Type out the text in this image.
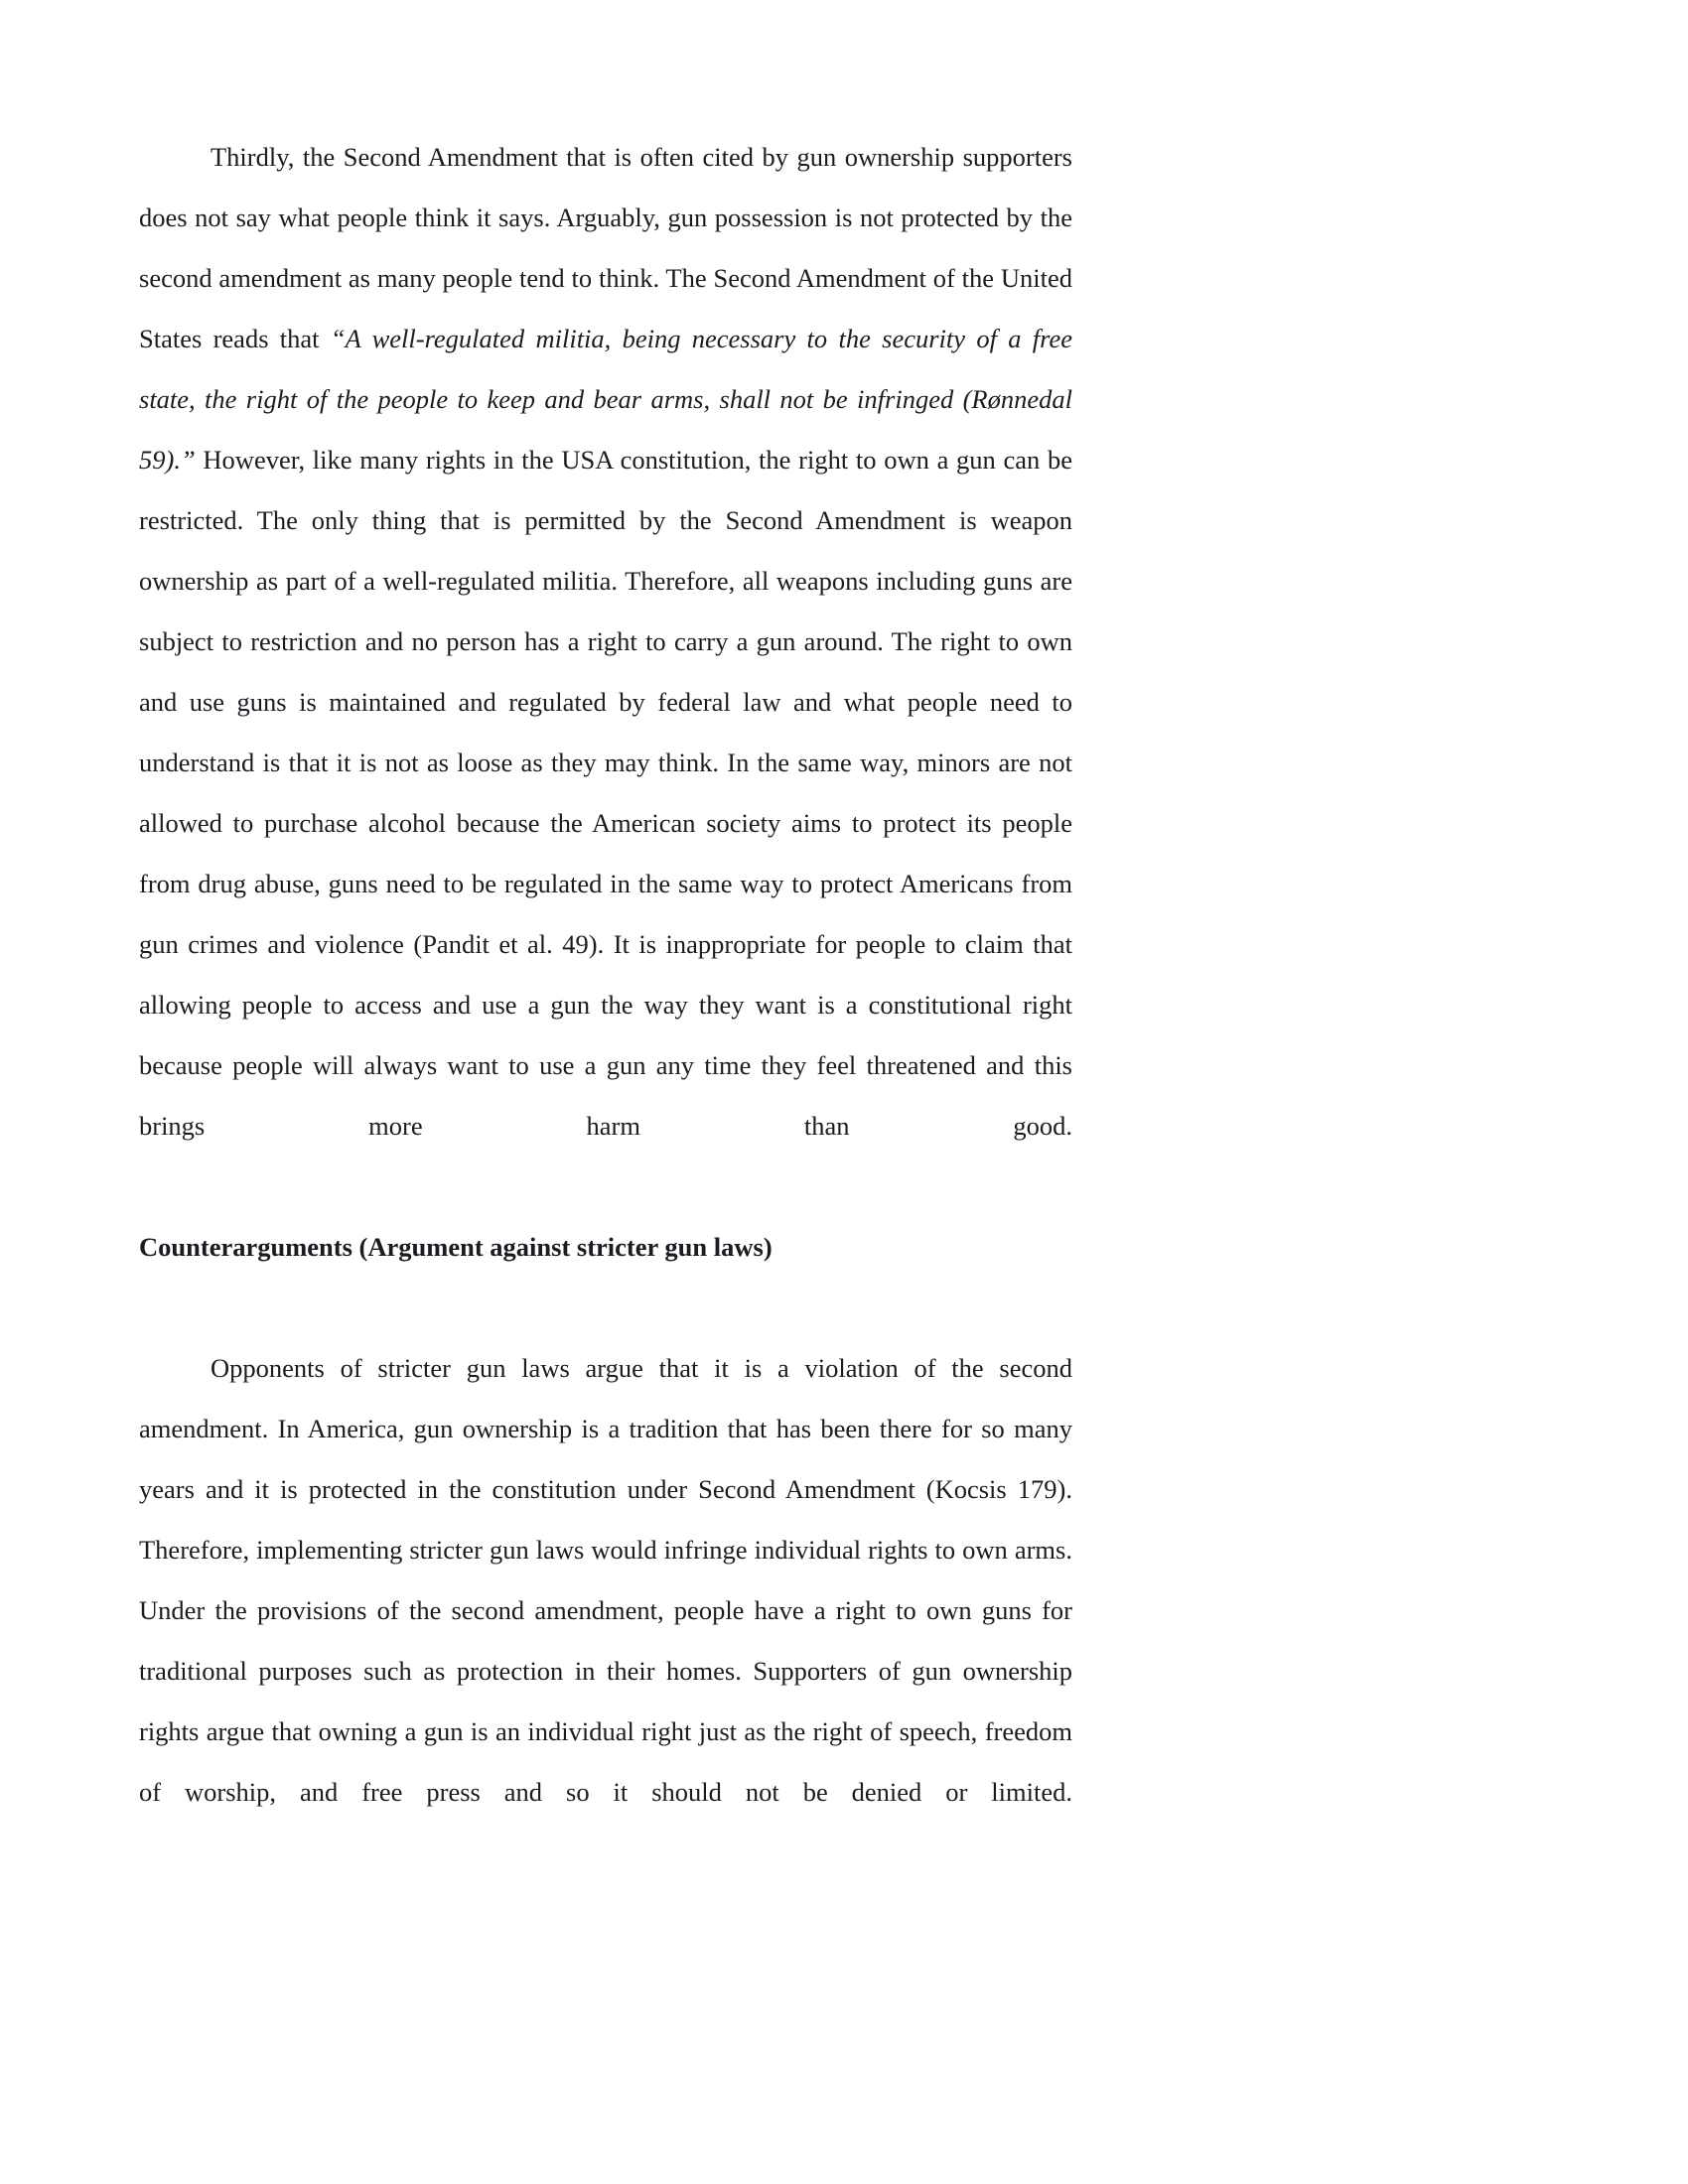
Thirdly, the Second Amendment that is often cited by gun ownership supporters does not say what people think it says. Arguably, gun possession is not protected by the second amendment as many people tend to think. The Second Amendment of the United States reads that “A well-regulated militia, being necessary to the security of a free state, the right of the people to keep and bear arms, shall not be infringed (Rønnedal 59).” However, like many rights in the USA constitution, the right to own a gun can be restricted. The only thing that is permitted by the Second Amendment is weapon ownership as part of a well-regulated militia. Therefore, all weapons including guns are subject to restriction and no person has a right to carry a gun around. The right to own and use guns is maintained and regulated by federal law and what people need to understand is that it is not as loose as they may think. In the same way, minors are not allowed to purchase alcohol because the American society aims to protect its people from drug abuse, guns need to be regulated in the same way to protect Americans from gun crimes and violence (Pandit et al. 49). It is inappropriate for people to claim that allowing people to access and use a gun the way they want is a constitutional right because people will always want to use a gun any time they feel threatened and this brings more harm than good.

Counterarguments (Argument against stricter gun laws)

Opponents of stricter gun laws argue that it is a violation of the second amendment. In America, gun ownership is a tradition that has been there for so many years and it is protected in the constitution under Second Amendment (Kocsis 179). Therefore, implementing stricter gun laws would infringe individual rights to own arms. Under the provisions of the second amendment, people have a right to own guns for traditional purposes such as protection in their homes. Supporters of gun ownership rights argue that owning a gun is an individual right just as the right of speech, freedom of worship, and free press and so it should not be denied or limited.
